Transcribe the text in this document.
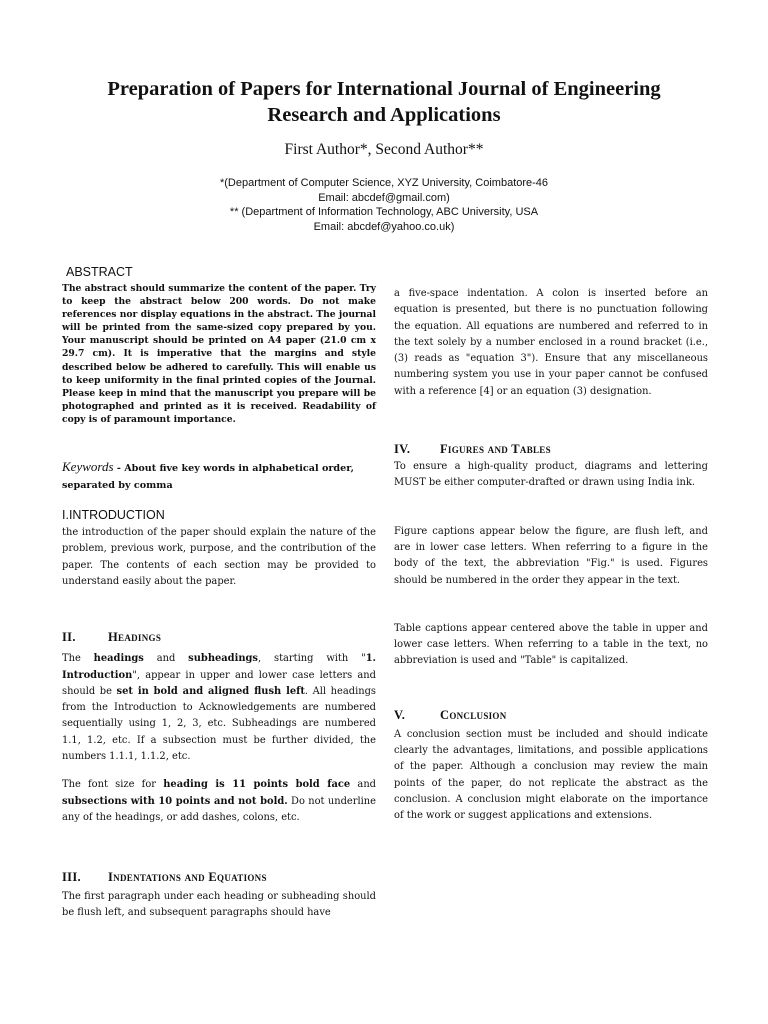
Preparation of Papers for International Journal of Engineering
Research and Applications
First Author*, Second Author**
*(Department of Computer Science, XYZ University, Coimbatore-46
Email: abcdef@gmail.com)
** (Department of Information Technology, ABC University, USA
Email: abcdef@yahoo.co.uk)
ABSTRACT

The abstract should summarize the content of the paper. Try to keep the abstract below 200 words. Do not make references nor display equations in the abstract. The journal will be printed from the same-sized copy prepared by you. Your manuscript should be printed on A4 paper (21.0 cm x 29.7 cm). It is imperative that the margins and style described below be adhered to carefully. This will enable us to keep uniformity in the final printed copies of the Journal. Please keep in mind that the manuscript you prepare will be photographed and printed as it is received. Readability of copy is of paramount importance.

Keywords - About five key words in alphabetical order, separated by comma
I.INTRODUCTION

the introduction of the paper should explain the nature of the problem, previous work, purpose, and the contribution of the paper. The contents of each section may be provided to understand easily about the paper.

II.	Headings

The headings and subheadings, starting with "1. Introduction", appear in upper and lower case letters and should be set in bold and aligned flush left. All headings from the Introduction to Acknowledgements are numbered sequentially using 1, 2, 3, etc. Subheadings are numbered 1.1, 1.2, etc. If a subsection must be further divided, the numbers 1.1.1, 1.1.2, etc.

The font size for heading is 11 points bold face and subsections with 10 points and not bold. Do not underline any of the headings, or add dashes, colons, etc.

III.	Indentations and Equations

The first paragraph under each heading or subheading should be flush left, and subsequent paragraphs should have

a five-space indentation. A colon is inserted before an equation is presented, but there is no punctuation following the equation. All equations are numbered and referred to in the text solely by a number enclosed in a round bracket (i.e., (3) reads as "equation 3"). Ensure that any miscellaneous numbering system you use in your paper cannot be confused with a reference [4] or an equation (3) designation.

IV.	Figures and Tables

To ensure a high-quality product, diagrams and lettering MUST be either computer-drafted or drawn using India ink.

Figure captions appear below the figure, are flush left, and are in lower case letters. When referring to a figure in the body of the text, the abbreviation "Fig." is used. Figures should be numbered in the order they appear in the text.

Table captions appear centered above the table in upper and lower case letters. When referring to a table in the text, no abbreviation is used and "Table" is capitalized.

V.	Conclusion

A conclusion section must be included and should indicate clearly the advantages, limitations, and possible applications of the paper. Although a conclusion may review the main points of the paper, do not replicate the abstract as the conclusion. A conclusion might elaborate on the importance of the work or suggest applications and extensions.
